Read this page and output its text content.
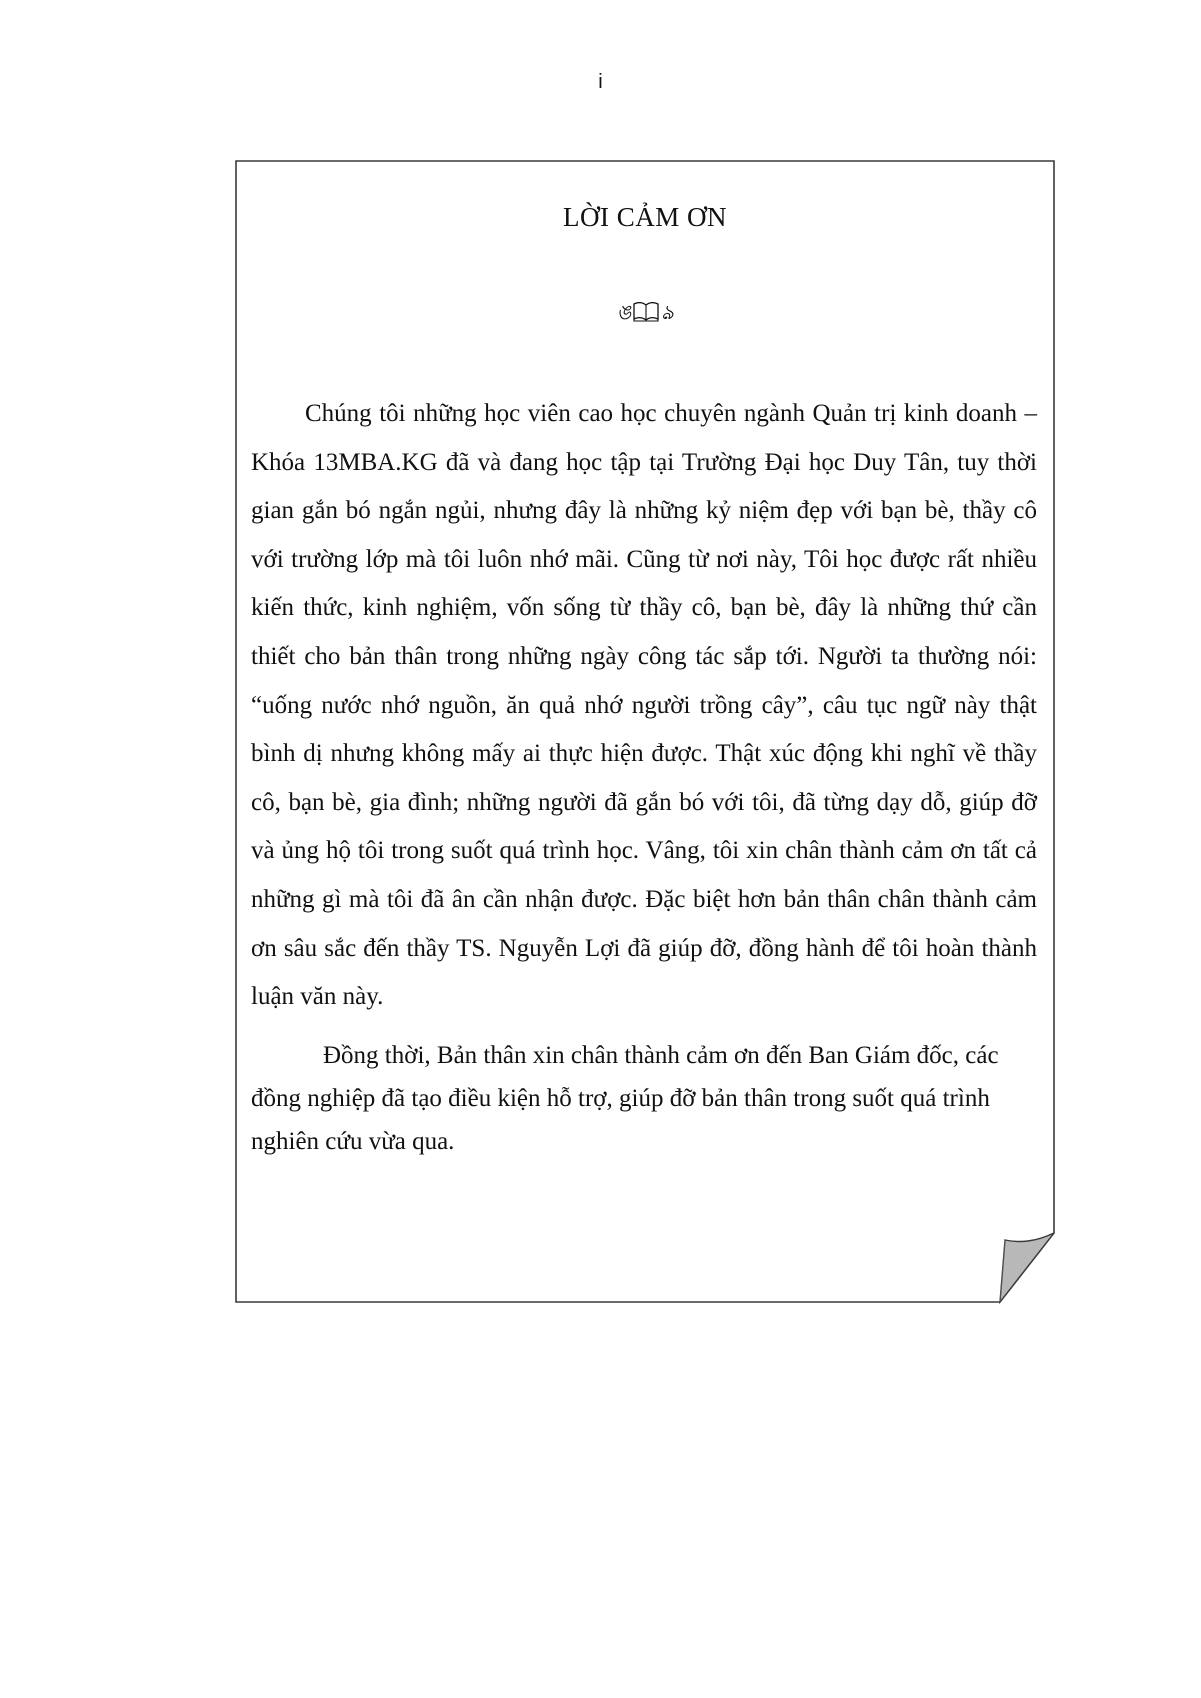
i
LỜI CẢM ƠN
ঙ ঌ

Chúng tôi những học viên cao học chuyên ngành Quản trị kinh doanh – Khóa 13MBA.KG đã và đang học tập tại Trường Đại học Duy Tân, tuy thời gian gắn bó ngắn ngủi, nhưng đây là những kỷ niệm đẹp với bạn bè, thầy cô với trường lớp mà tôi luôn nhớ mãi. Cũng từ nơi này, Tôi học được rất nhiều kiến thức, kinh nghiệm, vốn sống từ thầy cô, bạn bè, đây là những thứ cần thiết cho bản thân trong những ngày công tác sắp tới. Người ta thường nói: “uống nước nhớ nguồn, ăn quả nhớ người trồng cây”, câu tục ngữ này thật bình dị nhưng không mấy ai thực hiện được. Thật xúc động khi nghĩ về thầy cô, bạn bè, gia đình; những người đã gắn bó với tôi, đã từng dạy dỗ, giúp đỡ và ủng hộ tôi trong suốt quá trình học. Vâng, tôi xin chân thành cảm ơn tất cả những gì mà tôi đã ân cần nhận được. Đặc biệt hơn bản thân chân thành cảm ơn sâu sắc đến thầy TS. Nguyễn Lợi đã giúp đỡ, đồng hành để tôi hoàn thành luận văn này.

Đồng thời, Bản thân xin chân thành cảm ơn đến Ban Giám đốc, các đồng nghiệp đã tạo điều kiện hỗ trợ, giúp đỡ bản thân trong suốt quá trình nghiên cứu vừa qua.
